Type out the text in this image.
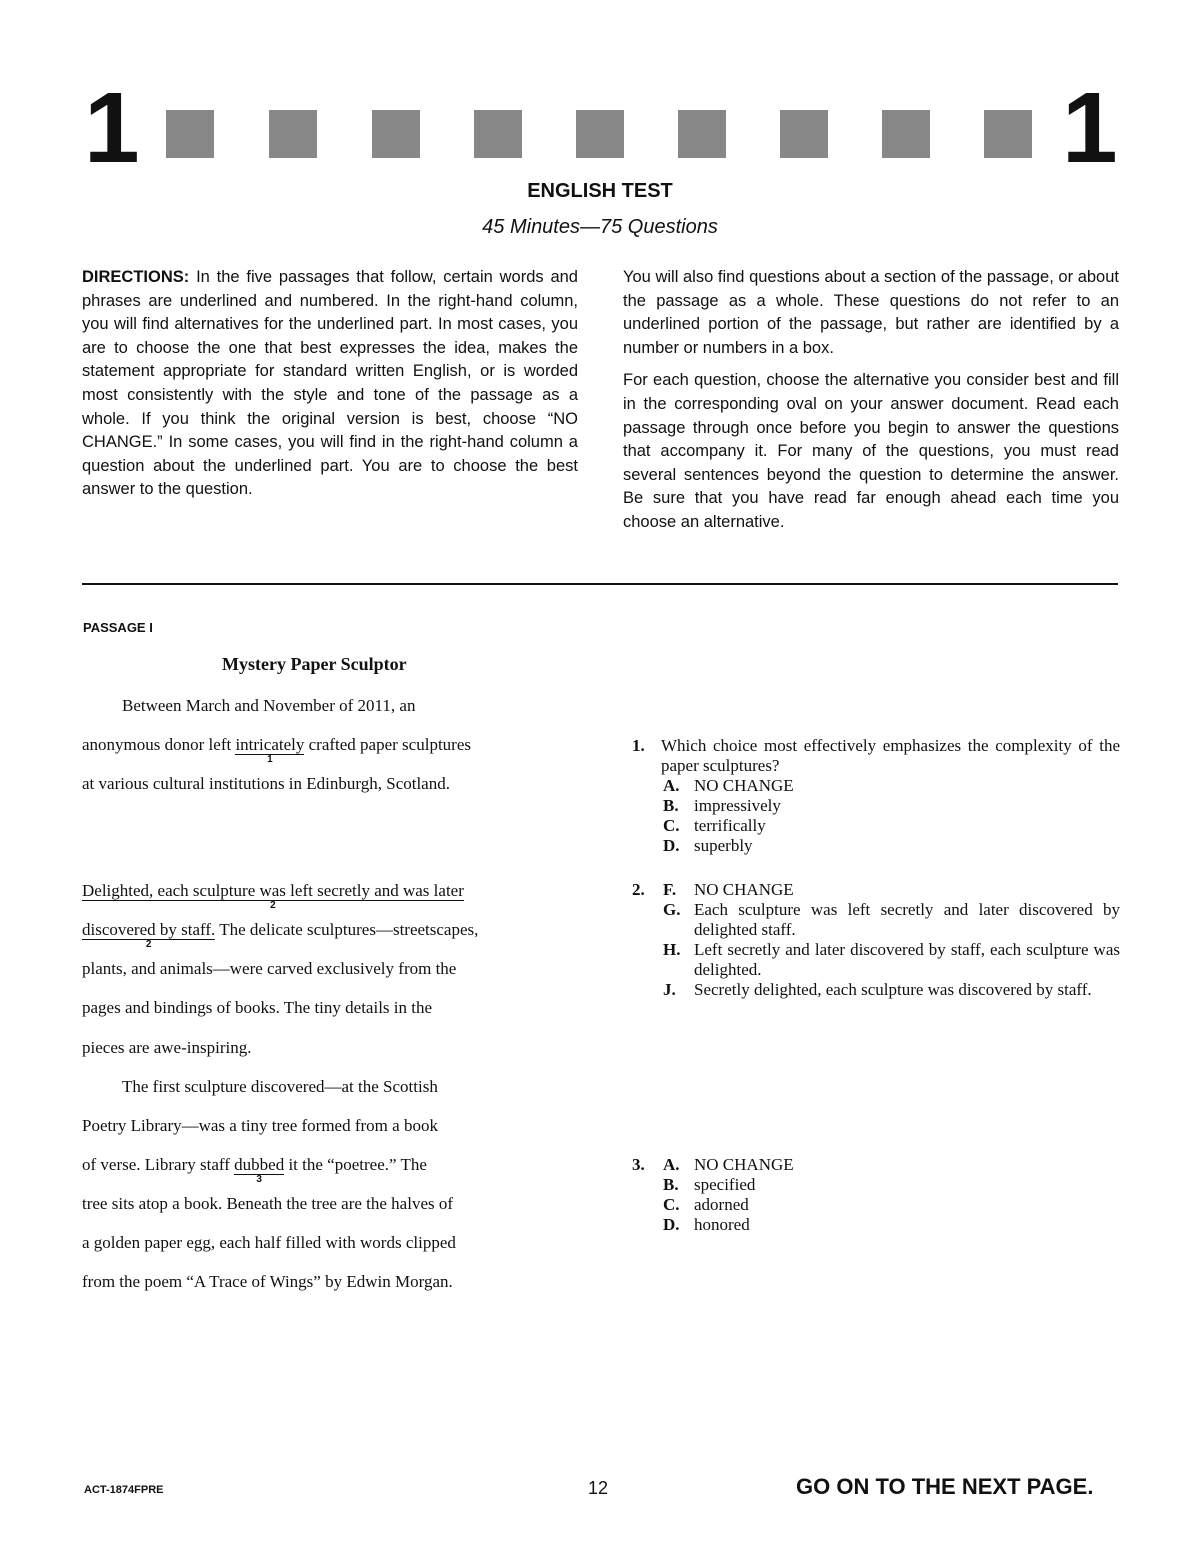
1	1
ENGLISH TEST
45 Minutes—75 Questions

DIRECTIONS: In the five passages that follow, certain words and phrases are underlined and numbered. In the right-hand column, you will find alternatives for the underlined part. In most cases, you are to choose the one that best expresses the idea, makes the statement appropriate for standard written English, or is worded most consistently with the style and tone of the passage as a whole. If you think the original version is best, choose “NO CHANGE.” In some cases, you will find in the right-hand column a question about the underlined part. You are to choose the best answer to the question.

You will also find questions about a section of the passage, or about the passage as a whole. These questions do not refer to an underlined portion of the passage, but rather are identified by a number or numbers in a box.

For each question, choose the alternative you consider best and fill in the corresponding oval on your answer document. Read each passage through once before you begin to answer the questions that accompany it. For many of the questions, you must read several sentences beyond the question to determine the answer. Be sure that you have read far enough ahead each time you choose an alternative.

PASSAGE I
Mystery Paper Sculptor
Between March and November of 2011, an
anonymous donor left intricately
1
crafted paper sculptures
at various cultural institutions in Edinburgh, Scotland.
Delighted, each sculpture was left secretly and was later
2
discovered by staff.
2
The delicate sculptures—streetscapes,
plants, and animals—were carved exclusively from the
pages and bindings of books. The tiny details in the
pieces are awe-inspiring.
The first sculpture discovered—at the Scottish
Poetry Library—was a tiny tree formed from a book
of verse. Library staff dubbed
3
it the “poetree.” The
tree sits atop a book. Beneath the tree are the halves of
a golden paper egg, each half filled with words clipped
from the poem “A Trace of Wings” by Edwin Morgan.
1. Which choice most effectively emphasizes the complexity of the paper sculptures?
A. NO CHANGE
B. impressively
C. terrifically
D. superbly
2.	F.	NO CHANGE
G. Each sculpture was left secretly and later discovered by delighted staff.
H. Left secretly and later discovered by staff, each sculpture was delighted.
J.	Secretly delighted, each sculpture was discovered by staff.
3.	A. NO CHANGE
B. specified
C. adorned
D. honored
ACT-1874FPRE	12	GO ON TO THE NEXT PAGE.
